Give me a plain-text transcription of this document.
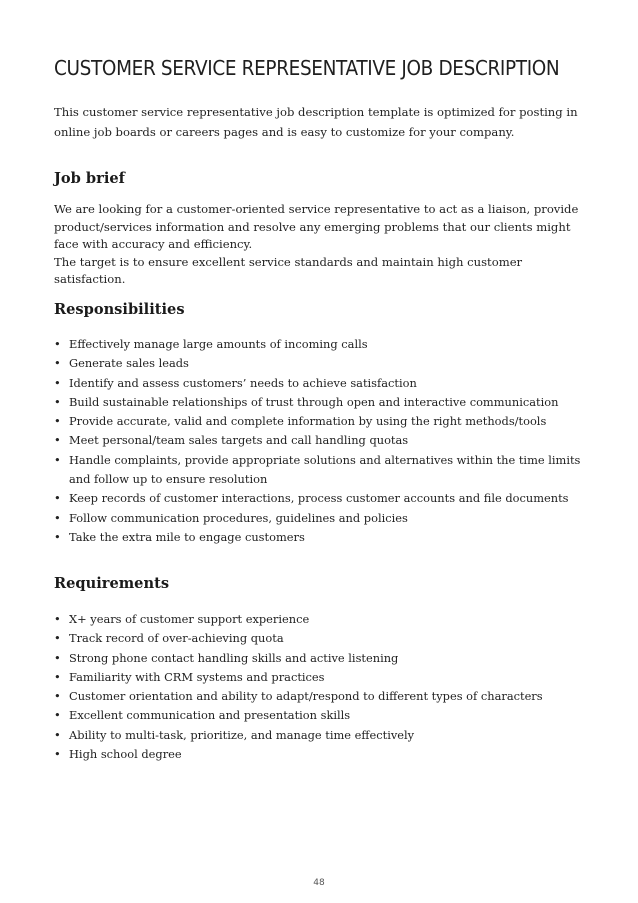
CUSTOMER SERVICE REPRESENTATIVE JOB DESCRIPTION

This customer service representative job description template is optimized for posting in online job boards or careers pages and is easy to customize for your company.

Job brief

We are looking for a customer-oriented service representative to act as a liaison, provide product/services information and resolve any emerging problems that our clients might face with accuracy and efficiency.

The target is to ensure excellent service standards and maintain high customer satisfaction.

Responsibilities
• Effectively manage large amounts of incoming calls
• Generate sales leads
• Identify and assess customers’ needs to achieve satisfaction
• Build sustainable relationships of trust through open and interactive communication
• Provide accurate, valid and complete information by using the right methods/tools
• Meet personal/team sales targets and call handling quotas
• Handle complaints, provide appropriate solutions and alternatives within the time limits and follow up to ensure resolution
• Keep records of customer interactions, process customer accounts and file documents
• Follow communication procedures, guidelines and policies
• Take the extra mile to engage customers
Requirements
• X+ years of customer support experience
• Track record of over-achieving quota
• Strong phone contact handling skills and active listening
• Familiarity with CRM systems and practices
• Customer orientation and ability to adapt/respond to different types of characters
• Excellent communication and presentation skills
• Ability to multi-task, prioritize, and manage time effectively
• High school degree
48
